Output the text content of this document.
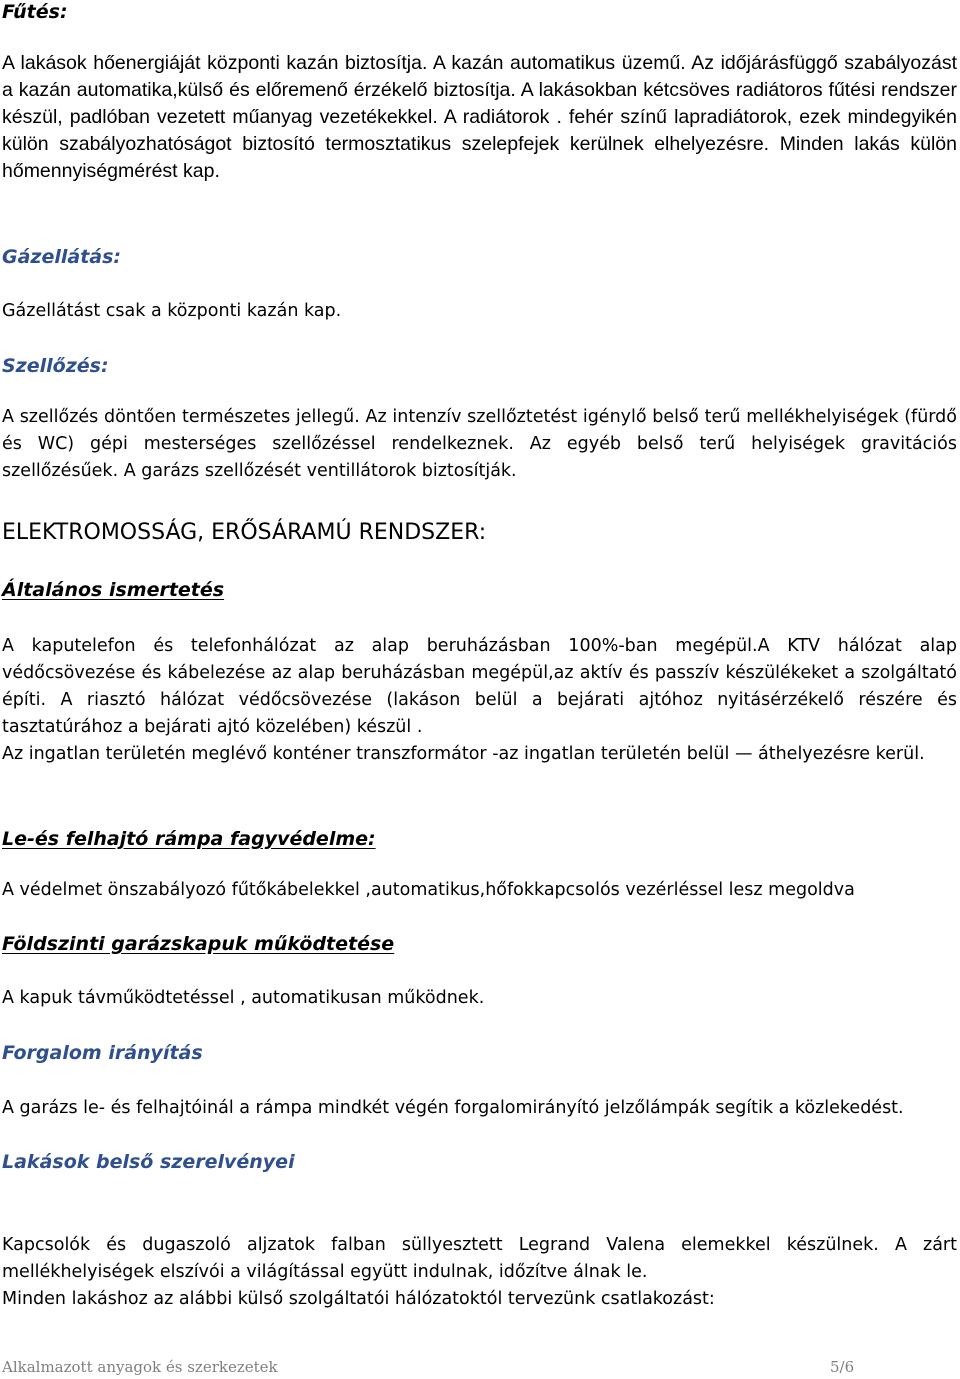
Fűtés:

A lakások hőenergiáját központi kazán biztosítja. A kazán automatikus üzemű. Az időjárásfüggő szabályozást a kazán automatika,külső és előremenő érzékelő biztosítja. A lakásokban kétcsöves radiátoros fűtési rendszer készül, padlóban vezetett műanyag vezetékekkel. A radiátorok . fehér színű lapradiátorok, ezek mindegyikén külön szabályozhatóságot biztosító termosztatikus szelepfejek kerülnek elhelyezésre. Minden lakás külön hőmennyiségmérést kap.

Gázellátás:

Gázellátást csak a központi kazán kap.

Szellőzés:

A szellőzés döntően természetes jellegű. Az intenzív szellőztetést igénylő belső terű mellékhelyiségek (fürdő és WC) gépi mesterséges szellőzéssel rendelkeznek. Az egyéb belső terű helyiségek gravitációs szellőzésűek. A garázs szellőzését ventillátorok biztosítják.

ELEKTROMOSSÁG, ERŐSÁRAMÚ RENDSZER:
Általános ismertetés

A kaputelefon és telefonhálózat az alap beruházásban 100%-ban megépül.A KTV hálózat alap védőcsövezése és kábelezése az alap beruházásban megépül,az aktív és passzív készülékeket a szolgáltató építi. A riasztó hálózat védőcsövezése (lakáson belül a bejárati ajtóhoz nyitásérzékelő részére és tasztatúrához a bejárati ajtó közelében) készül .

Az ingatlan területén meglévő konténer transzformátor -az ingatlan területén belül — áthelyezésre kerül.

Le-és felhajtó rámpa fagyvédelme:

A védelmet önszabályozó fűtőkábelekkel ,automatikus,hőfokkapcsolós vezérléssel lesz megoldva

Földszinti garázskapuk működtetése

A kapuk távműködtetéssel , automatikusan működnek.

Forgalom irányítás

A garázs le- és felhajtóinál a rámpa mindkét végén forgalomirányító jelzőlámpák segítik a közlekedést.

Lakások belső szerelvényei

Kapcsolók és dugaszoló aljzatok falban süllyesztett Legrand Valena elemekkel készülnek. A zárt mellékhelyiségek elszívói a világítással együtt indulnak, időzítve álnak le.

Minden lakáshoz az alábbi külső szolgáltatói hálózatoktól tervezünk csatlakozást:

Alkalmazott anyagok és szerkezetek	5/6
